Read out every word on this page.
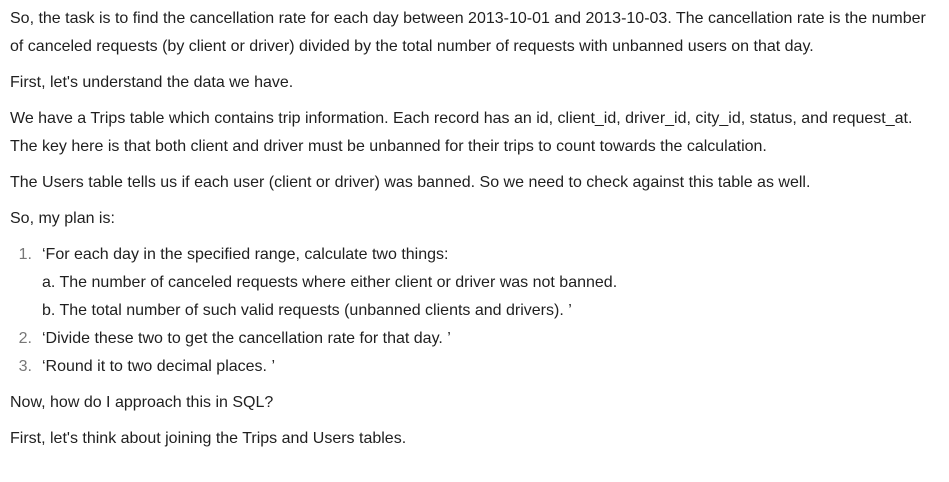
So, the task is to find the cancellation rate for each day between 2013-10-01 and 2013-10-03. The cancellation rate is the number of canceled requests (by client or driver) divided by the total number of requests with unbanned users on that day.

First, let's understand the data we have.

We have a Trips table which contains trip information. Each record has an id, client_id, driver_id, city_id, status, and request_at. The key here is that both client and driver must be unbanned for their trips to count towards the calculation.

The Users table tells us if each user (client or driver) was banned. So we need to check against this table as well.

So, my plan is:

1. ‘For each day in the specified range, calculate two things:
a. The number of canceled requests where either client or driver was not banned.
b. The total number of such valid requests (unbanned clients and drivers). ’
2. ‘Divide these two to get the cancellation rate for that day. ’
3. ‘Round it to two decimal places. ’

Now, how do I approach this in SQL?

First, let's think about joining the Trips and Users tables.
